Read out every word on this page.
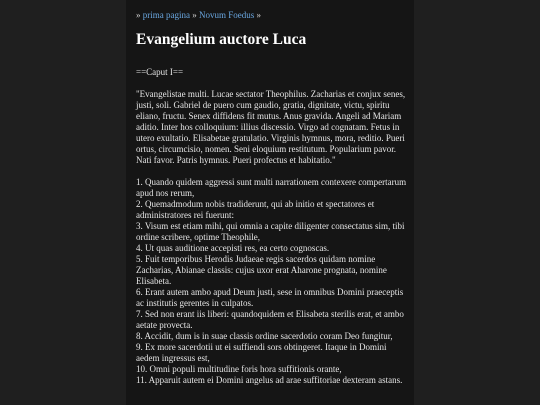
» prima pagina » Novum Foedus »
Evangelium auctore Luca
==Caput I==
"Evangelistae multi. Lucae sectator Theophilus. Zacharias et conjux senes, justi, soli. Gabriel de puero cum gaudio, gratia, dignitate, victu, spiritu eliano, fructu. Senex diffidens fit mutus. Anus gravida. Angeli ad Mariam aditio. Inter hos colloquium: illius discessio. Virgo ad cognatam. Fetus in utero exultatio. Elisabetae gratulatio. Virginis hymnus, mora, reditio. Pueri ortus, circumcisio, nomen. Seni eloquium restitutum. Popularium pavor. Nati favor. Patris hymnus. Pueri profectus et habitatio."
1. Quando quidem aggressi sunt multi narrationem contexere compertarum apud nos rerum,
2. Quemadmodum nobis tradiderunt, qui ab initio et spectatores et administratores rei fuerunt:
3. Visum est etiam mihi, qui omnia a capite diligenter consectatus sim, tibi ordine scribere, optime Theophile,
4. Ut quas auditione accepisti res, ea certo cognoscas.
5. Fuit temporibus Herodis Judaeae regis sacerdos quidam nomine Zacharias, Abianae classis: cujus uxor erat Aharone prognata, nomine Elisabeta.
6. Erant autem ambo apud Deum justi, sese in omnibus Domini praeceptis ac institutis gerentes in culpatos.
7. Sed non erant iis liberi: quandoquidem et Elisabeta sterilis erat, et ambo aetate provecta.
8. Accidit, dum is in suae classis ordine sacerdotio coram Deo fungitur,
9. Ex more sacerdotii ut ei suffiendi sors obtingeret. Itaque in Domini aedem ingressus est,
10. Omni populi multitudine foris hora suffitionis orante,
11. Apparuit autem ei Domini angelus ad arae suffitoriae dexteram astans.
